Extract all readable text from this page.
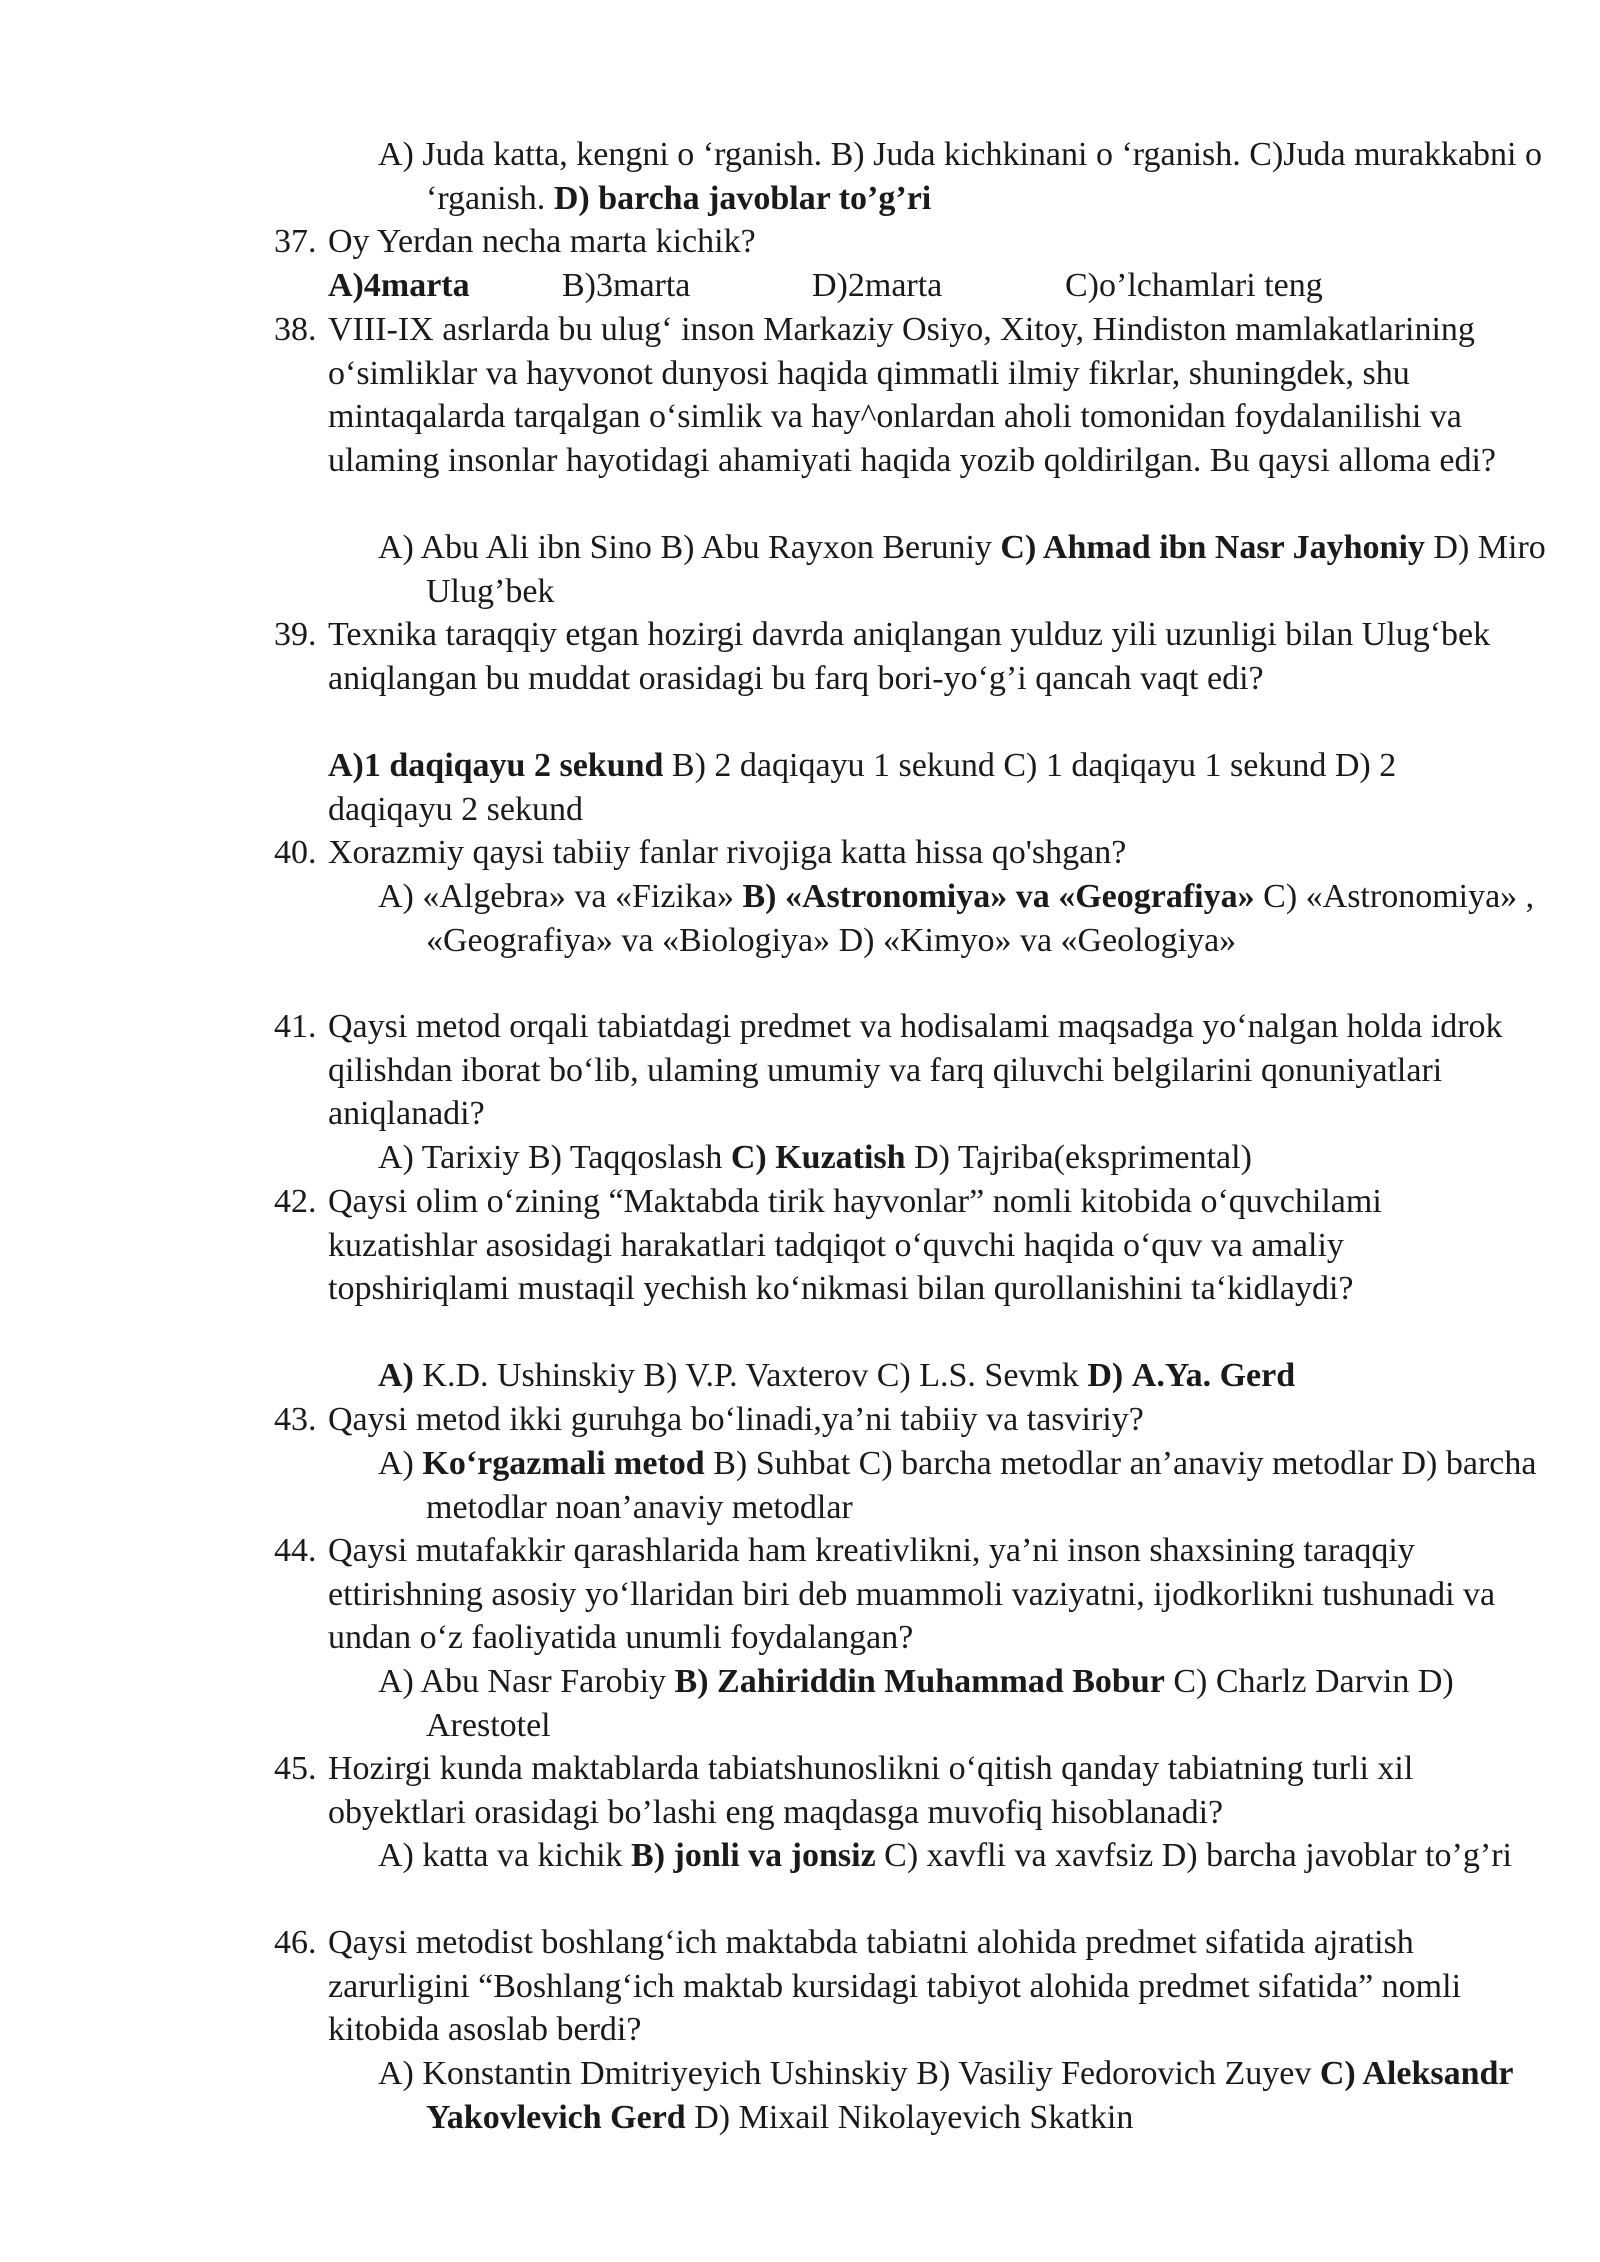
A) Juda katta, kengni o ‘rganish. B) Juda kichkinani o ‘rganish. C)Juda murakkabni o ‘rganish. D) barcha javoblar to’g’ri
37. Oy Yerdan necha marta kichik?
A)4marta	B)3marta	D)2marta	C)o’lchamlari teng
38. VIII-IX asrlarda bu ulug‘ inson Markaziy Osiyo, Xitoy, Hindiston mamlakatlarining o‘simliklar va hayvonot dunyosi haqida qimmatli ilmiy fikrlar, shuningdek, shu mintaqalarda tarqalgan o‘simlik va hay^onlardan aholi tomonidan foydalanilishi va ulaming insonlar hayotidagi ahamiyati haqida yozib qoldirilgan. Bu qaysi alloma edi?
A) Abu Ali ibn Sino B) Abu Rayxon Beruniy C) Ahmad ibn Nasr Jayhoniy D) Miro Ulug’bek
39. Texnika taraqqiy etgan hozirgi davrda aniqlangan yulduz yili uzunligi bilan Ulug‘bek aniqlangan bu muddat orasidagi bu farq bori-yo‘g’i qancah vaqt edi?
A)1 daqiqayu 2 sekund B) 2 daqiqayu 1 sekund C) 1 daqiqayu 1 sekund D) 2 daqiqayu 2 sekund
40. Xorazmiy qaysi tabiiy fanlar rivojiga katta hissa qo'shgan?
A) «Algebra» va «Fizika» B) «Astronomiya» va «Geografiya» C) «Astronomiya» , «Geografiya» va «Biologiya» D) «Kimyo» va «Geologiya»
41. Qaysi metod orqali tabiatdagi predmet va hodisalami maqsadga yo‘nalgan holda idrok qilishdan iborat bo‘lib, ulaming umumiy va farq qiluvchi belgilarini qonuniyatlari aniqlanadi?
A) Tarixiy B) Taqqoslash C) Kuzatish D) Tajriba(eksprimental)
42. Qaysi olim o‘zining “Maktabda tirik hayvonlar” nomli kitobida o‘quvchilami kuzatishlar asosidagi harakatlari tadqiqot o‘quvchi haqida o‘quv va amaliy topshiriqlami mustaqil yechish ko‘nikmasi bilan qurollanishini ta‘kidlaydi?
A) K.D. Ushinskiy B) V.P. Vaxterov C) L.S. Sevmk D) A.Ya. Gerd
43. Qaysi metod ikki guruhga bo‘linadi,ya’ni tabiiy va tasviriy?
A) Ko‘rgazmali metod B) Suhbat C) barcha metodlar an’anaviy metodlar D) barcha metodlar noan’anaviy metodlar
44. Qaysi mutafakkir qarashlarida ham kreativlikni, ya’ni inson shaxsining taraqqiy ettirishning asosiy yo‘llaridan biri deb muammoli vaziyatni, ijodkorlikni tushunadi va undan o‘z faoliyatida unumli foydalangan?
A) Abu Nasr Farobiy B) Zahiriddin Muhammad Bobur C) Charlz Darvin D) Arestotel
45. Hozirgi kunda maktablarda tabiatshunoslikni o‘qitish qanday tabiatning turli xil obyektlari orasidagi bo’lashi eng maqdasga muvofiq hisoblanadi?
A) katta va kichik B) jonli va jonsiz C) xavfli va xavfsiz D) barcha javoblar to’g’ri
46. Qaysi metodist boshlang‘ich maktabda tabiatni alohida predmet sifatida ajratish zarurligini “Boshlang‘ich maktab kursidagi tabiyot alohida predmet sifatida” nomli kitobida asoslab berdi?
A) Konstantin Dmitriyeyich Ushinskiy B) Vasiliy Fedorovich Zuyev C) Aleksandr Yakovlevich Gerd D) Mixail Nikolayevich Skatkin
